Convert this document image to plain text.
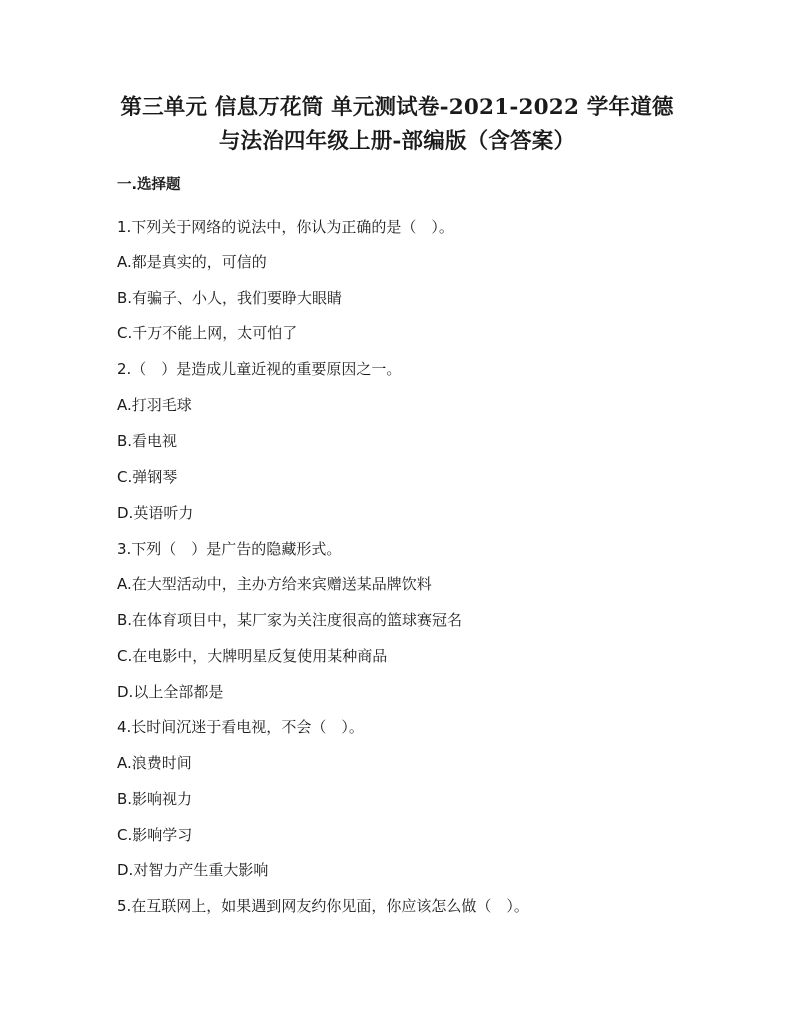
第三单元 信息万花筒 单元测试卷-2021-2022 学年道德
与法治四年级上册-部编版（含答案）
一.选择题
1.下列关于网络的说法中，你认为正确的是（　）。
A.都是真实的，可信的
B.有骗子、小人，我们要睁大眼睛
C.千万不能上网，太可怕了
2.（　）是造成儿童近视的重要原因之一。
A.打羽毛球
B.看电视
C.弹钢琴
D.英语听力
3.下列（　）是广告的隐藏形式。
A.在大型活动中，主办方给来宾赠送某品牌饮料
B.在体育项目中，某厂家为关注度很高的篮球赛冠名
C.在电影中，大牌明星反复使用某种商品
D.以上全部都是
4.长时间沉迷于看电视，不会（　）。
A.浪费时间
B.影响视力
C.影响学习
D.对智力产生重大影响
5.在互联网上，如果遇到网友约你见面，你应该怎么做（　）。
